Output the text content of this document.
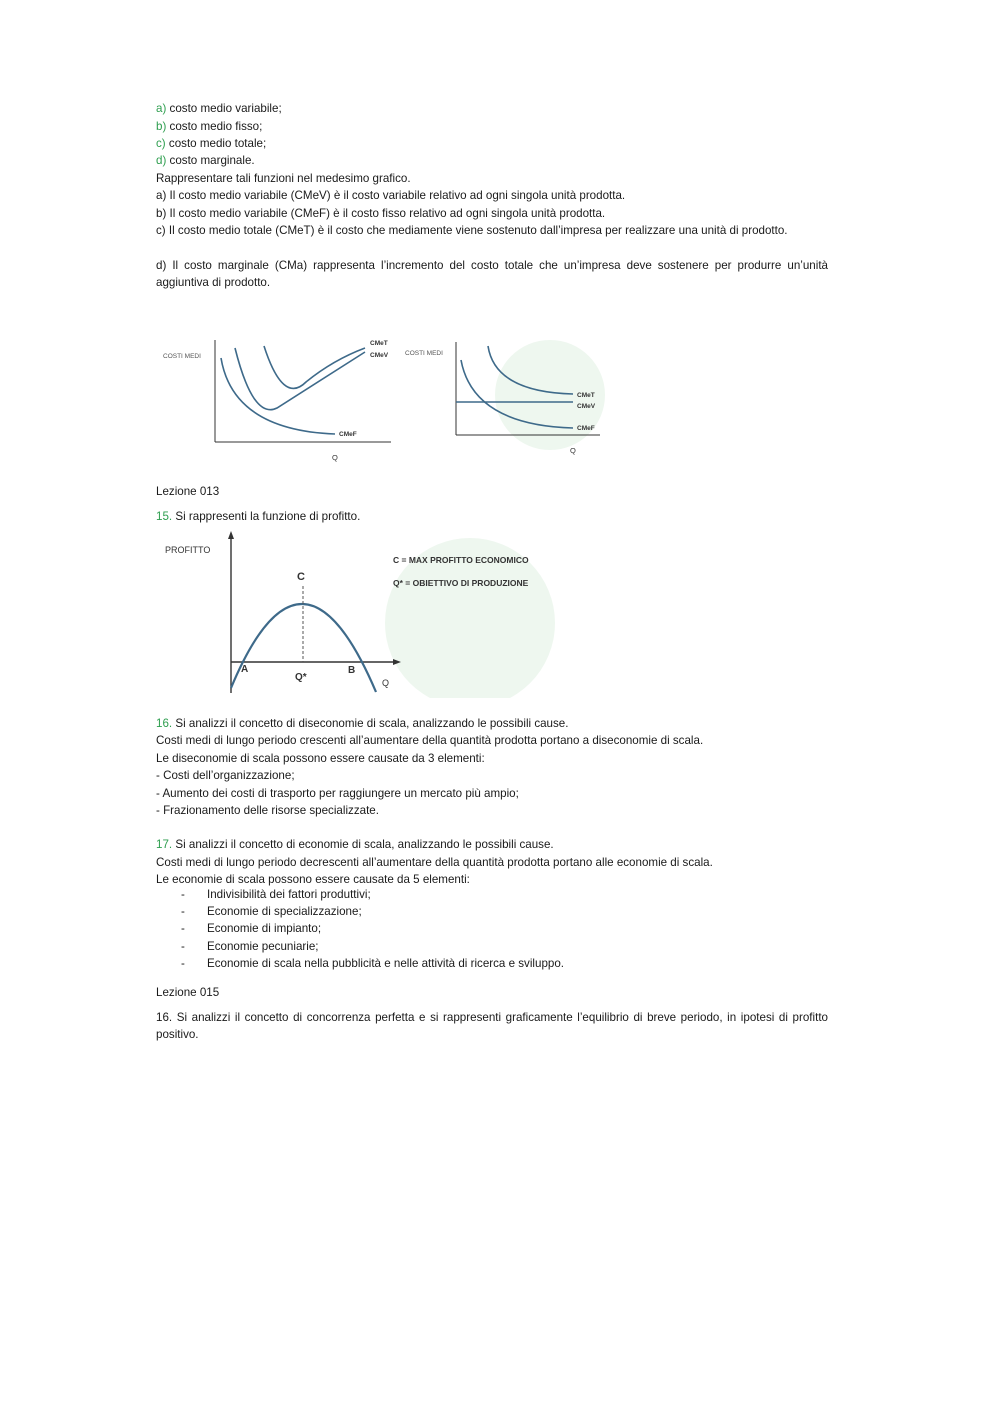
a) costo medio variabile;
b) costo medio fisso;
c) costo medio totale;
d) costo marginale.
Rappresentare tali funzioni nel medesimo grafico.
a) Il costo medio variabile (CMeV) è il costo variabile relativo ad ogni singola unità prodotta.
b) Il costo medio variabile (CMeF) è il costo fisso relativo ad ogni singola unità prodotta.
c) Il costo medio totale (CMeT) è il costo che mediamente viene sostenuto dall’impresa per realizzare una unità di prodotto.
d) Il costo marginale (CMa) rappresenta l’incremento del costo totale che un’impresa deve sostenere per produrre un’unità aggiuntiva di prodotto.
COSTI MEDI
CMeT
CMeV
CMeF
Q
COSTI MEDI
CMeT
CMeV
CMeF
Q
Lezione 013
15. Si rappresenti la funzione di profitto.
PROFITTO
C
A	B
Q*	Q
C = MAX PROFITTO ECONOMICO
Q* = OBIETTIVO DI PRODUZIONE
16. Si analizzi il concetto di diseconomie di scala, analizzando le possibili cause.
Costi medi di lungo periodo crescenti all’aumentare della quantità prodotta portano a diseconomie di scala.
Le diseconomie di scala possono essere causate da 3 elementi:
- Costi dell’organizzazione;
- Aumento dei costi di trasporto per raggiungere un mercato più ampio;
- Frazionamento delle risorse specializzate.
17. Si analizzi il concetto di economie di scala, analizzando le possibili cause.
Costi medi di lungo periodo decrescenti all’aumentare della quantità prodotta portano alle economie di scala.
Le economie di scala possono essere causate da 5 elementi:
- Indivisibilità dei fattori produttivi;
- Economie di specializzazione;
- Economie di impianto;
- Economie pecuniarie;
- Economie di scala nella pubblicità e nelle attività di ricerca e sviluppo.
Lezione 015
16. Si analizzi il concetto di concorrenza perfetta e si rappresenti graficamente l’equilibrio di breve periodo, in ipotesi di profitto positivo.
